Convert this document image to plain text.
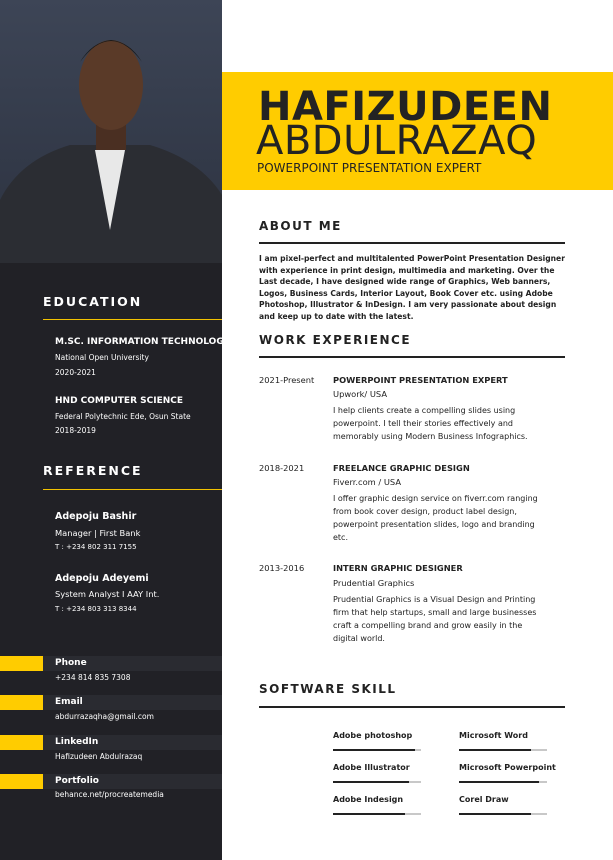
EDUCATION
M.SC. INFORMATION TECHNOLOGY
National Open University
2020-2021
HND COMPUTER SCIENCE
Federal Polytechnic Ede, Osun State
2018-2019
REFERENCE
Adepoju Bashir
Manager | First Bank
T : +234 802 311 7155
Adepoju Adeyemi
System Analyst I AAY Int.
T : +234 803 313 8344
Phone
+234 814 835 7308
Email
abdurrazaqha@gmail.com
LinkedIn
Hafizudeen Abdulrazaq
Portfolio
behance.net/procreatemedia
HAFIZUDEEN
ABDULRAZAQ
POWERPOINT PRESENTATION EXPERT
ABOUT ME
I am pixel-perfect and multitalented PowerPoint Presentation Designer with experience in print design, multimedia and marketing. Over the Last decade, I have designed wide range of Graphics, Web banners, Logos, Business Cards, Interior Layout, Book Cover etc. using Adobe Photoshop, Illustrator & InDesign. I am very passionate about design and keep up to date with the latest.
WORK EXPERIENCE
2021-Present POWERPOINT PRESENTATION EXPERT
Upwork/ USA
I help clients create a compelling slides using powerpoint. I tell their stories effectively and memorably using Modern Business Infographics.
2018-2021	FREELANCE GRAPHIC DESIGN
Fiverr.com / USA
I offer graphic design service on fiverr.com ranging from book cover design, product label design, powerpoint presentation slides, logo and branding etc.
2013-2016	INTERN GRAPHIC DESIGNER
Prudential Graphics
Prudential Graphics is a Visual Design and Printing firm that help startups, small and large businesses craft a compelling brand and grow easily in the digital world.
SOFTWARE SKILL
Adobe photoshop	Microsoft Word
Adobe Illustrator	Microsoft Powerpoint
Adobe Indesign	Corel Draw
